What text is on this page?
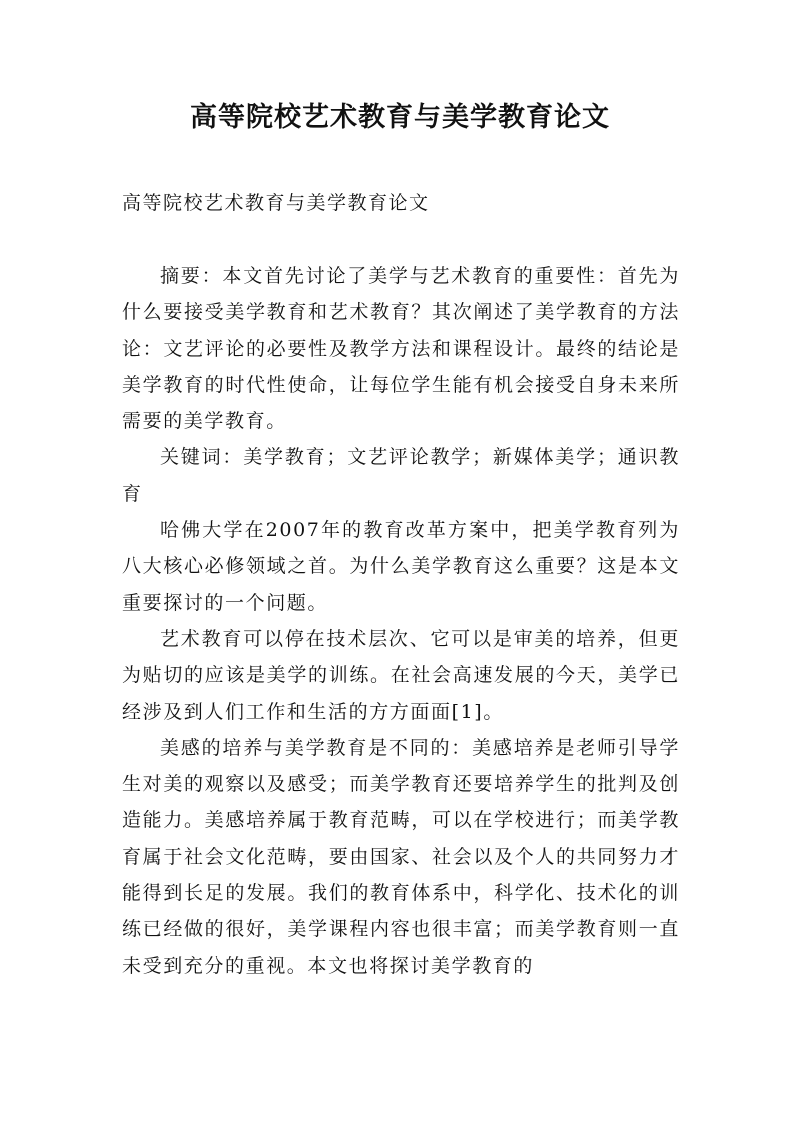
高等院校艺术教育与美学教育论文

高等院校艺术教育与美学教育论文

摘要：本文首先讨论了美学与艺术教育的重要性：首先为什么要接受美学教育和艺术教育？其次阐述了美学教育的方法论：文艺评论的必要性及教学方法和课程设计。最终的结论是美学教育的时代性使命，让每位学生能有机会接受自身未来所需要的美学教育。

关键词：美学教育；文艺评论教学；新媒体美学；通识教育

哈佛大学在2007年的教育改革方案中，把美学教育列为八大核心必修领域之首。为什么美学教育这么重要？这是本文重要探讨的一个问题。

艺术教育可以停在技术层次、它可以是审美的培养，但更为贴切的应该是美学的训练。在社会高速发展的今天，美学已经涉及到人们工作和生活的方方面面[1]。

美感的培养与美学教育是不同的：美感培养是老师引导学生对美的观察以及感受；而美学教育还要培养学生的批判及创造能力。美感培养属于教育范畴，可以在学校进行；而美学教育属于社会文化范畴，要由国家、社会以及个人的共同努力才能得到长足的发展。我们的教育体系中，科学化、技术化的训练已经做的很好，美学课程内容也很丰富；而美学教育则一直未受到充分的重视。本文也将探讨美学教育的
